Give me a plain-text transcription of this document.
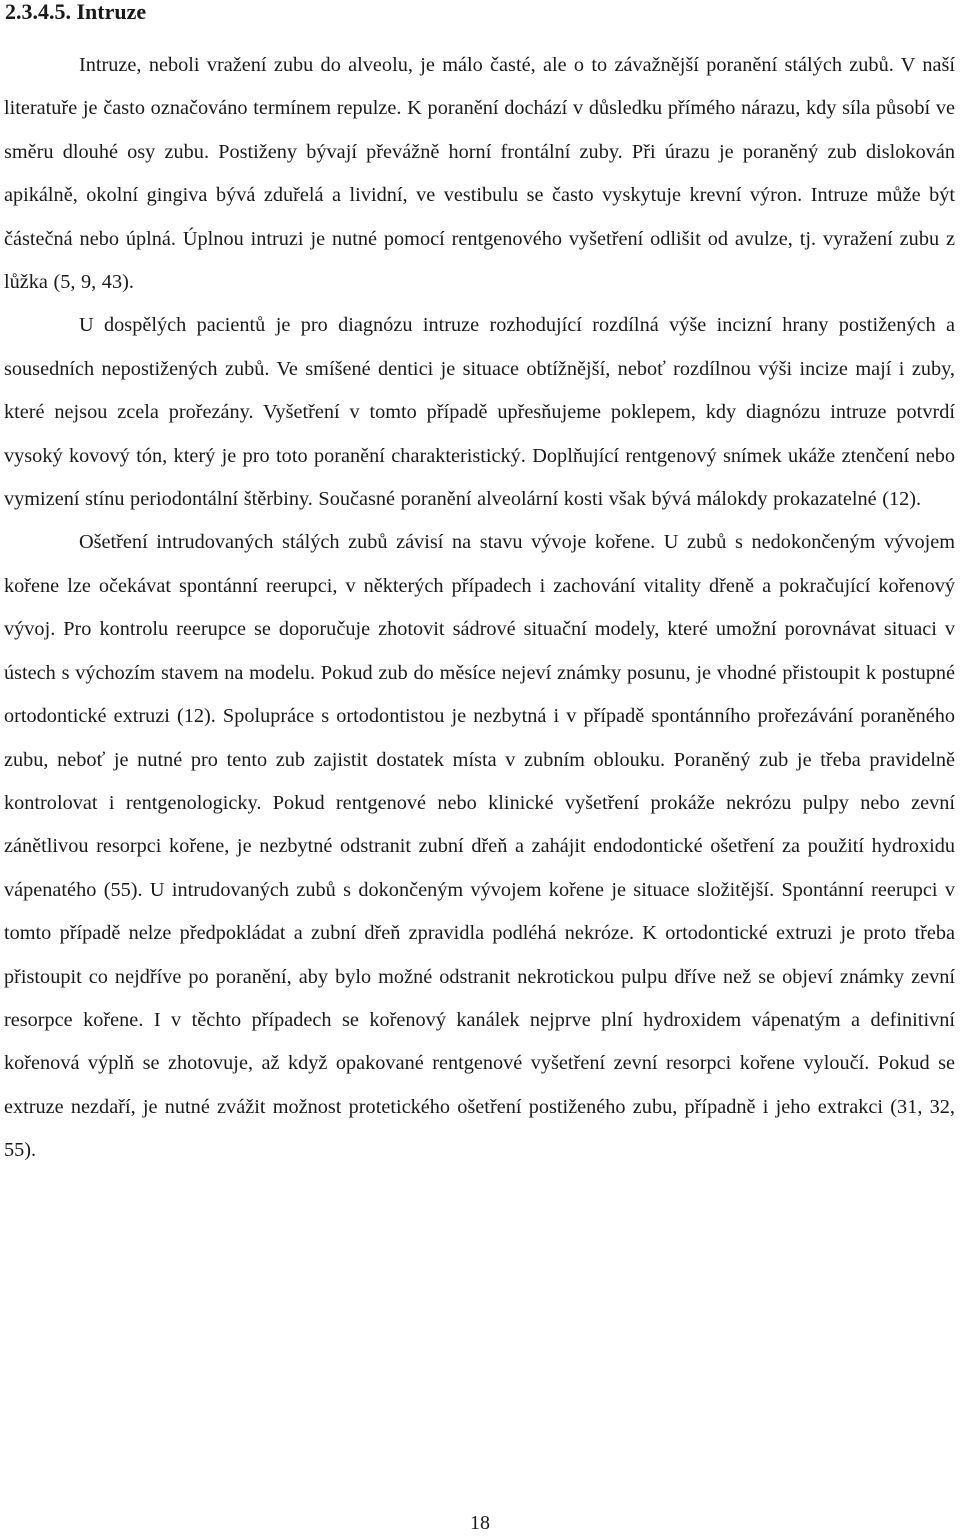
2.3.4.5. Intruze

Intruze, neboli vražení zubu do alveolu, je málo časté, ale o to závažnější poranění stálých zubů. V naší literatuře je často označováno termínem repulze. K poranění dochází v důsledku přímého nárazu, kdy síla působí ve směru dlouhé osy zubu. Postiženy bývají převážně horní frontální zuby. Při úrazu je poraněný zub dislokován apikálně, okolní gingiva bývá zduřelá a lividní, ve vestibulu se často vyskytuje krevní výron. Intruze může být částečná nebo úplná. Úplnou intruzi je nutné pomocí rentgenového vyšetření odlišit od avulze, tj. vyražení zubu z lůžka (5, 9, 43).

U dospělých pacientů je pro diagnózu intruze rozhodující rozdílná výše incizní hrany postižených a sousedních nepostižených zubů. Ve smíšené dentici je situace obtížnější, neboť rozdílnou výši incize mají i zuby, které nejsou zcela prořezány. Vyšetření v tomto případě upřesňujeme poklepem, kdy diagnózu intruze potvrdí vysoký kovový tón, který je pro toto poranění charakteristický. Doplňující rentgenový snímek ukáže ztenčení nebo vymizení stínu periodontální štěrbiny. Současné poranění alveolární kosti však bývá málokdy prokazatelné (12).

Ošetření intrudovaných stálých zubů závisí na stavu vývoje kořene. U zubů s nedokončeným vývojem kořene lze očekávat spontánní reerupci, v některých případech i zachování vitality dřeně a pokračující kořenový vývoj. Pro kontrolu reerupce se doporučuje zhotovit sádrové situační modely, které umožní porovnávat situaci v ústech s výchozím stavem na modelu. Pokud zub do měsíce nejeví známky posunu, je vhodné přistoupit k postupné ortodontické extruzi (12). Spolupráce s ortodontistou je nezbytná i v případě spontánního prořezávání poraněného zubu, neboť je nutné pro tento zub zajistit dostatek místa v zubním oblouku. Poraněný zub je třeba pravidelně kontrolovat i rentgenologicky. Pokud rentgenové nebo klinické vyšetření prokáže nekrózu pulpy nebo zevní zánětlivou resorpci kořene, je nezbytné odstranit zubní dřeň a zahájit endodontické ošetření za použití hydroxidu vápenatého (55). U intrudovaných zubů s dokončeným vývojem kořene je situace složitější. Spontánní reerupci v tomto případě nelze předpokládat a zubní dřeň zpravidla podléhá nekróze. K ortodontické extruzi je proto třeba přistoupit co nejdříve po poranění, aby bylo možné odstranit nekrotickou pulpu dříve než se objeví známky zevní resorpce kořene. I v těchto případech se kořenový kanálek nejprve plní hydroxidem vápenatým a definitivní kořenová výplň se zhotovuje, až když opakované rentgenové vyšetření zevní resorpci kořene vyloučí. Pokud se extruze nezdaří, je nutné zvážit možnost protetického ošetření postiženého zubu, případně i jeho extrakci (31, 32, 55).

18
